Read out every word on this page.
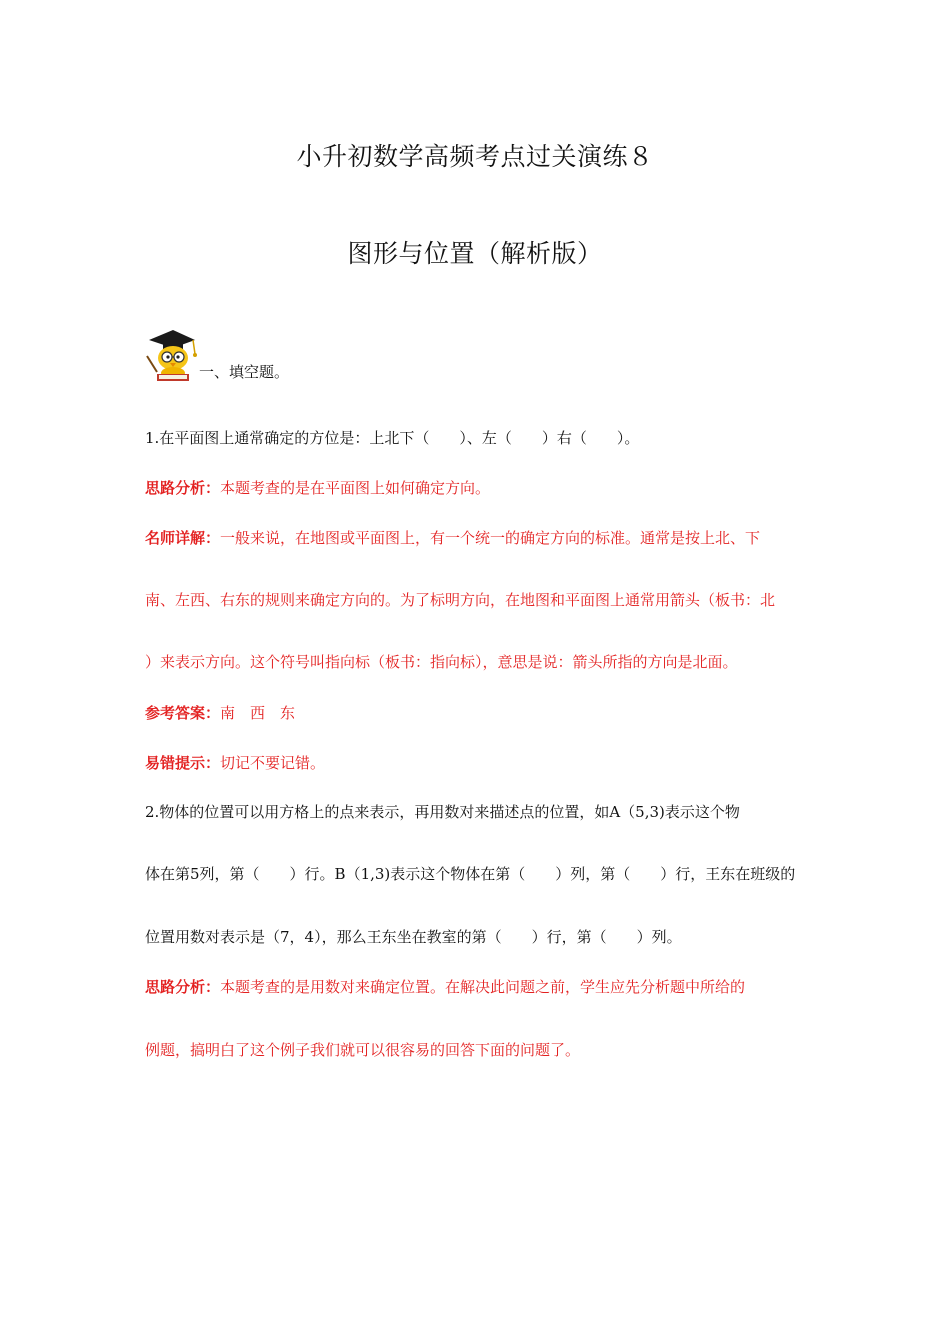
小升初数学高频考点过关演练８
图形与位置（解析版）
一、填空题。
1.在平面图上通常确定的方位是：上北下（　　）、左（　　）右（　　）。
思路分析：本题考查的是在平面图上如何确定方向。
名师详解：一般来说，在地图或平面图上，有一个统一的确定方向的标准。通常是按上北、下
南、左西、右东的规则来确定方向的。为了标明方向，在地图和平面图上通常用箭头（板书：北
）来表示方向。这个符号叫指向标（板书：指向标），意思是说：箭头所指的方向是北面。
参考答案：南　西　东
易错提示：切记不要记错。
2.物体的位置可以用方格上的点来表示，再用数对来描述点的位置，如A（5,3)表示这个物
体在第5列，第（　　）行。B（1,3)表示这个物体在第（　　）列，第（　　）行，王东在班级的
位置用数对表示是（7，4），那么王东坐在教室的第（　　）行，第（　　）列。
思路分析：本题考查的是用数对来确定位置。在解决此问题之前，学生应先分析题中所给的
例题，搞明白了这个例子我们就可以很容易的回答下面的问题了。
